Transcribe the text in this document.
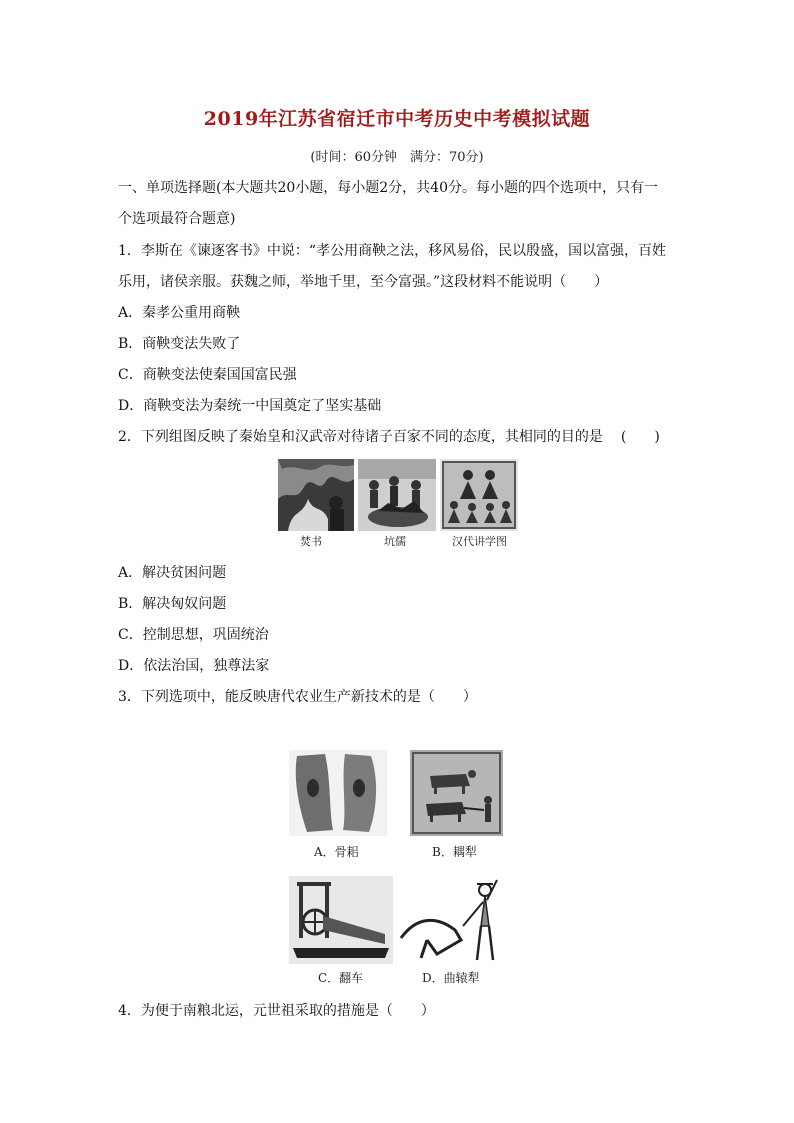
2019年江苏省宿迁市中考历史中考模拟试题
(时间：60分钟　满分：70分)
一、单项选择题(本大题共20小题，每小题2分，共40分。每小题的四个选项中，只有一
个选项最符合题意)
1．李斯在《谏逐客书》中说：“孝公用商鞅之法，移风易俗，民以殷盛，国以富强，百姓
乐用，诸侯亲服。获魏之师，举地千里，至今富强。”这段材料不能说明（　　）
A．秦孝公重用商鞅
B．商鞅变法失败了
C．商鞅变法使秦国国富民强
D．商鞅变法为秦统一中国奠定了坚实基础
2．下列组图反映了秦始皇和汉武帝对待诸子百家不同的态度，其相同的目的是 (　　)
焚书	坑儒	汉代讲学图
A．解决贫困问题
B．解决匈奴问题
C．控制思想，巩固统治
D．依法治国，独尊法家
3．下列选项中，能反映唐代农业生产新技术的是（　　）
A．骨耜	B．耦犁
C．翻车	D．曲辕犁
4．为便于南粮北运，元世祖采取的措施是（　　）
